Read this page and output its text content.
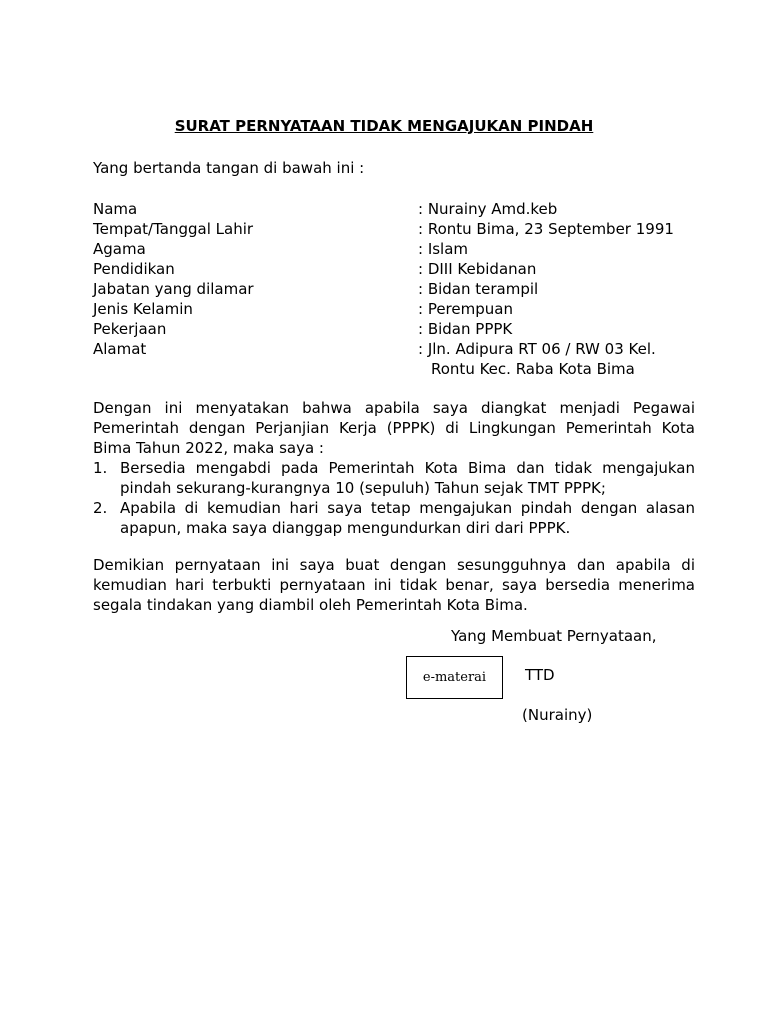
SURAT PERNYATAAN TIDAK MENGAJUKAN PINDAH

Yang bertanda tangan di bawah ini :

Nama	: Nurainy Amd.keb
Tempat/Tanggal Lahir	: Rontu Bima, 23 September 1991
Agama	: Islam
Pendidikan	: DIII Kebidanan
Jabatan yang dilamar	: Bidan terampil
Jenis Kelamin	: Perempuan
Pekerjaan	: Bidan PPPK
Alamat	: Jln. Adipura RT 06 / RW 03 Kel.
Rontu Kec. Raba Kota Bima

Dengan ini menyatakan bahwa apabila saya diangkat menjadi Pegawai Pemerintah dengan Perjanjian Kerja (PPPK) di Lingkungan Pemerintah Kota Bima Tahun 2022, maka saya :

1. Bersedia mengabdi pada Pemerintah Kota Bima dan tidak mengajukan pindah sekurang-kurangnya 10 (sepuluh) Tahun sejak TMT PPPK;
2. Apabila di kemudian hari saya tetap mengajukan pindah dengan alasan apapun, maka saya dianggap mengundurkan diri dari PPPK.

Demikian pernyataan ini saya buat dengan sesungguhnya dan apabila di kemudian hari terbukti pernyataan ini tidak benar, saya bersedia menerima segala tindakan yang diambil oleh Pemerintah Kota Bima.

Yang Membuat Pernyataan,

e-materai	TTD

(Nurainy)
